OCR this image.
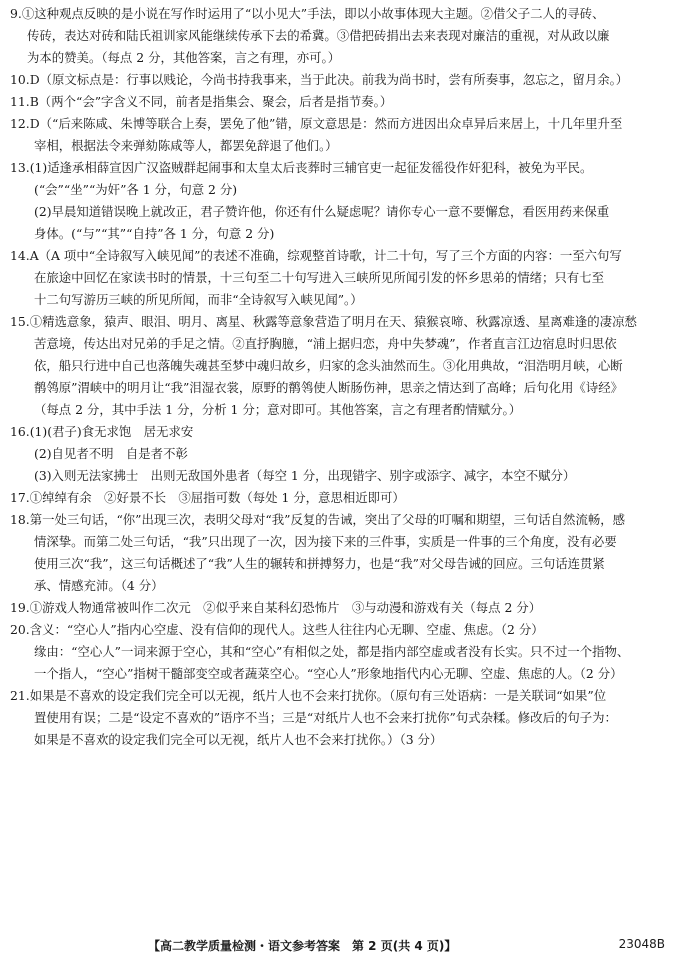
9.①这种观点反映的是小说在写作时运用了“以小见大”手法，即以小故事体现大主题。②借父子二人的寻砖、
传砖，表达对砖和陆氏祖训家风能继续传承下去的希冀。③借把砖捐出去来表现对廉洁的重视，对从政以廉
为本的赞美。（每点 2 分，其他答案，言之有理，亦可。）
10.D（原文标点是：行事以贱论，今尚书持我事来，当于此决。前我为尚书时，尝有所奏事，忽忘之，留月余。）
11.B（两个“会”字含义不同，前者是指集会、聚会，后者是指节奏。）
12.D（“后来陈咸、朱博等联合上奏，罢免了他”错，原文意思是：然而方进因出众卓异后来居上，十几年里升至
宰相，根据法令来弹劾陈咸等人，都罢免辞退了他们。）
13.(1)适逢承相薛宣因广汉盗贼群起闹事和太皇太后丧葬时三辅官吏一起征发徭役作奸犯科，被免为平民。
(“会”“坐”“为奸”各 1 分，句意 2 分)
(2)早晨知道错误晚上就改正，君子赞许他，你还有什么疑虑呢？请你专心一意不要懈怠，看医用药来保重
身体。(“与”“其”“自持”各 1 分，句意 2 分)
14.A（A 项中“全诗叙写入峡见闻”的表述不准确，综观整首诗歌，计二十句，写了三个方面的内容：一至六句写
在旅途中回忆在家读书时的情景，十三句至二十句写进入三峡所见所闻引发的怀乡思弟的情绪；只有七至
十二句写游历三峡的所见所闻，而非“全诗叙写入峡见闻”。）
15.①精选意象，猿声、眼泪、明月、离星、秋露等意象营造了明月在天、猿猴哀啼、秋露凉透、星离难逢的凄凉愁
苦意境，传达出对兄弟的手足之情。②直抒胸臆，“浦上据归恋，舟中失梦魂”，作者直言江边宿息时归思依
依，船只行进中自己也落魄失魂甚至梦中魂归故乡，归家的念头油然而生。③化用典故，“泪浩明月峡，心断
鹡鸰原”渭峡中的明月让“我”泪湿衣裳，原野的鹡鸰使人断肠伤神，思亲之情达到了高峰；后句化用《诗经》
（每点 2 分，其中手法 1 分，分析 1 分；意对即可。其他答案，言之有理者酌情赋分。）
16.(1)(君子)食无求饱　居无求安
(2)自见者不明　自是者不彰
(3)入则无法家拂士　出则无敌国外患者（每空 1 分，出现错字、别字或添字、减字，本空不赋分）
17.①绰绰有余　②好景不长　③屈指可数（每处 1 分，意思相近即可）
18.第一处三句话，“你”出现三次，表明父母对“我”反复的告诫，突出了父母的叮嘱和期望，三句话自然流畅，感
情深挚。而第二处三句话，“我”只出现了一次，因为接下来的三件事，实质是一件事的三个角度，没有必要
使用三次“我”，这三句话概述了“我”人生的辗转和拼搏努力，也是“我”对父母告诫的回应。三句话连贯紧
承、情感充沛。（4 分）
19.①游戏人物通常被叫作二次元　②似乎来自某科幻恐怖片　③与动漫和游戏有关（每点 2 分）
20.含义：“空心人”指内心空虚、没有信仰的现代人。这些人往往内心无聊、空虚、焦虑。（2 分）
缘由：“空心人”一词来源于空心，其和“空心”有相似之处，都是指内部空虚或者没有长实。只不过一个指物、
一个指人，“空心”指树干髓部变空或者蔬菜空心。“空心人”形象地指代内心无聊、空虚、焦虑的人。（2 分）
21.如果是不喜欢的设定我们完全可以无视，纸片人也不会来打扰你。（原句有三处语病：一是关联词“如果”位
置使用有误；二是“设定不喜欢的”语序不当；三是“对纸片人也不会来打扰你”句式杂糅。修改后的句子为：
如果是不喜欢的设定我们完全可以无视，纸片人也不会来打扰你。）（3 分）
【高二教学质量检测・语文参考答案　第 2 页(共 4 页)】	23048B
